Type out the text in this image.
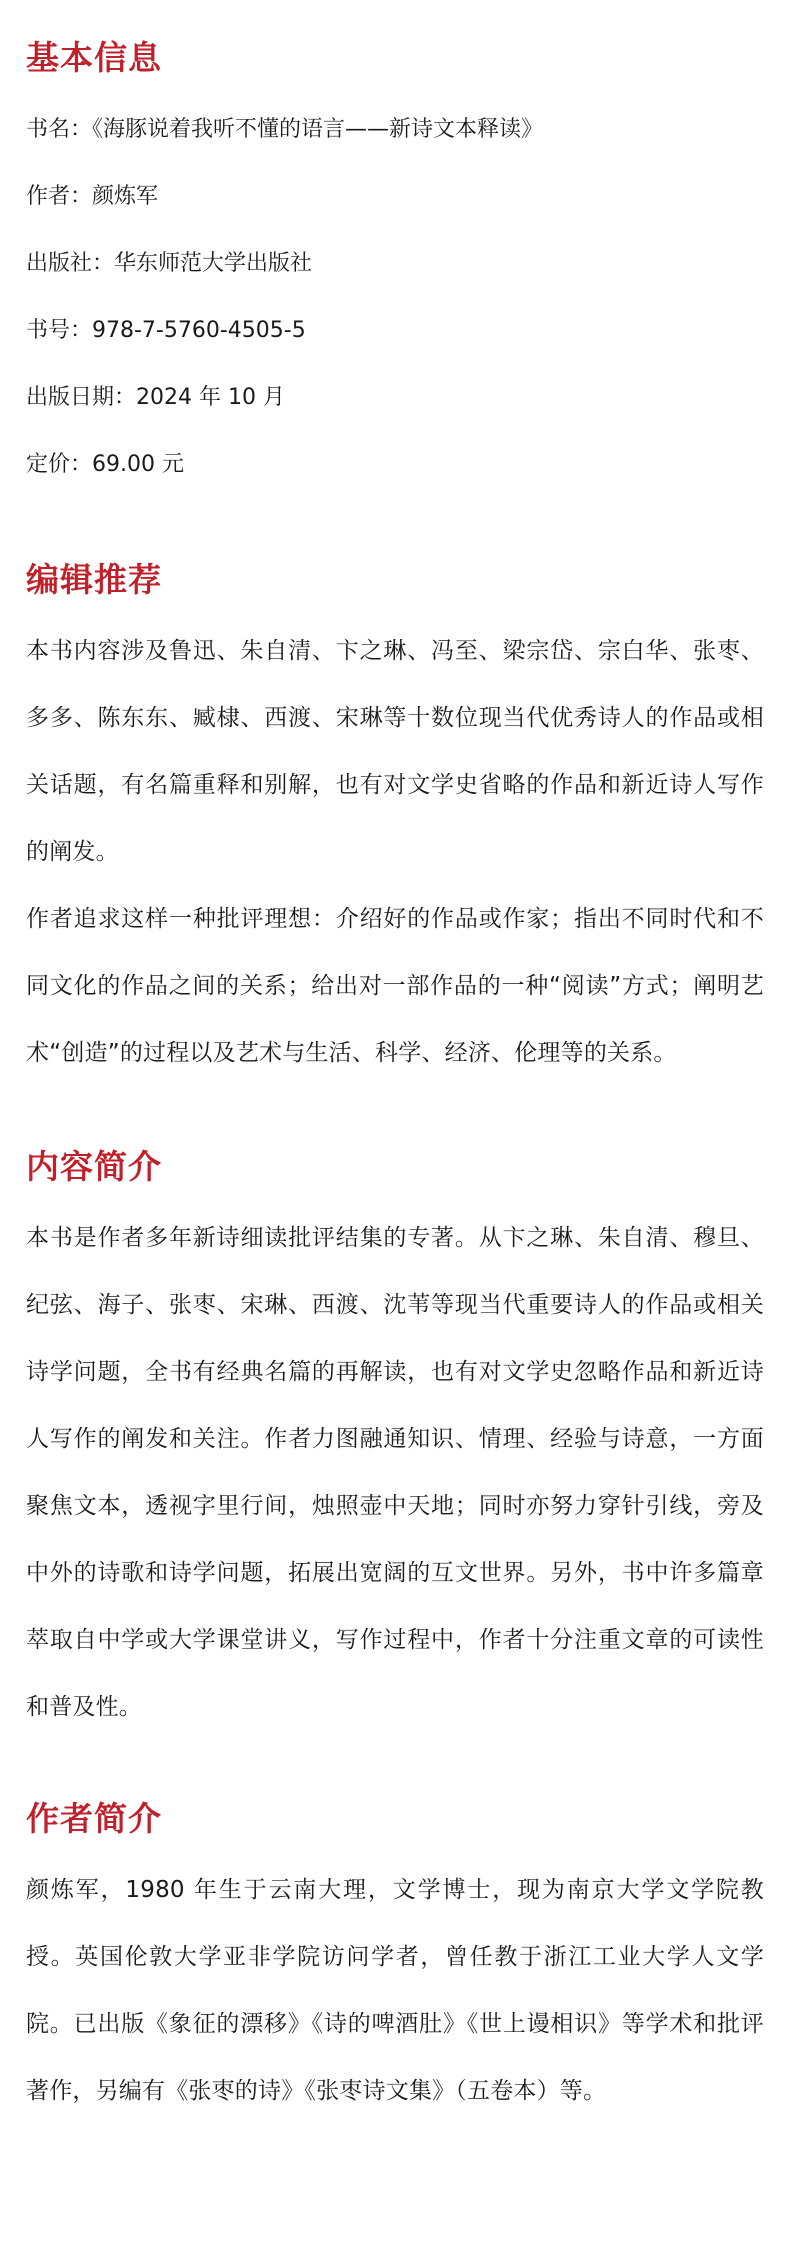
基本信息

书名：《海豚说着我听不懂的语言——新诗文本释读》

作者：颜炼军

出版社：华东师范大学出版社

书号：978-7-5760-4505-5

出版日期：2024 年 10 月

定价：69.00 元

编辑推荐

本书内容涉及鲁迅、朱自清、卞之琳、冯至、梁宗岱、宗白华、张枣、多多、陈东东、臧棣、西渡、宋琳等十数位现当代优秀诗人的作品或相关话题，有名篇重释和别解，也有对文学史省略的作品和新近诗人写作的阐发。

作者追求这样一种批评理想：介绍好的作品或作家；指出不同时代和不同文化的作品之间的关系；给出对一部作品的一种“阅读”方式；阐明艺术“创造”的过程以及艺术与生活、科学、经济、伦理等的关系。

内容简介

本书是作者多年新诗细读批评结集的专著。从卞之琳、朱自清、穆旦、纪弦、海子、张枣、宋琳、西渡、沈苇等现当代重要诗人的作品或相关诗学问题，全书有经典名篇的再解读，也有对文学史忽略作品和新近诗人写作的阐发和关注。作者力图融通知识、情理、经验与诗意，一方面聚焦文本，透视字里行间，烛照壶中天地；同时亦努力穿针引线，旁及中外的诗歌和诗学问题，拓展出宽阔的互文世界。另外，书中许多篇章萃取自中学或大学课堂讲义，写作过程中，作者十分注重文章的可读性和普及性。

作者简介

颜炼军，1980 年生于云南大理，文学博士，现为南京大学文学院教授。英国伦敦大学亚非学院访问学者，曾任教于浙江工业大学人文学院。已出版《象征的漂移》《诗的啤酒肚》《世上谩相识》等学术和批评著作，另编有《张枣的诗》《张枣诗文集》（五卷本）等。
